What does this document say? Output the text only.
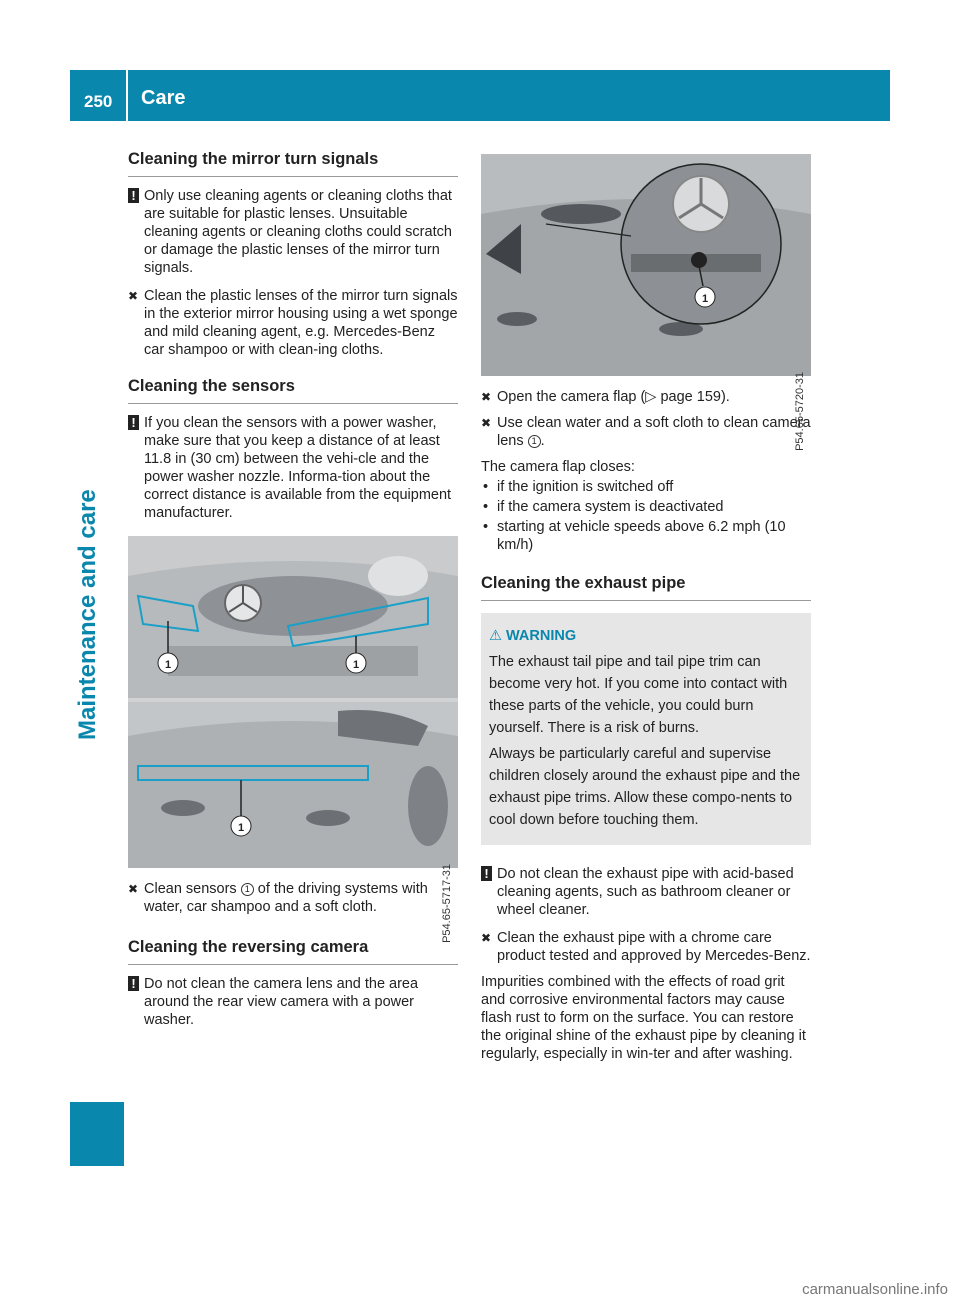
250 Care
Maintenance and care
Cleaning the mirror turn signals
! Only use cleaning agents or cleaning cloths that are suitable for plastic lenses. Unsuitable cleaning agents or cleaning cloths could scratch or damage the plastic lenses of the mirror turn signals.
✖ Clean the plastic lenses of the mirror turn signals in the exterior mirror housing using a wet sponge and mild cleaning agent, e.g. Mercedes-Benz car shampoo or with clean-ing cloths.
Cleaning the sensors
! If you clean the sensors with a power washer, make sure that you keep a distance of at least 11.8 in (30 cm) between the vehi-cle and the power washer nozzle. Informa-tion about the correct distance is available from the equipment manufacturer.
1	1
1
P54.65-5717-31
✖ Clean sensors 1 of the driving systems with water, car shampoo and a soft cloth.
Cleaning the reversing camera
! Do not clean the camera lens and the area around the rear view camera with a power washer.
1
P54.65-5720-31
✖ Open the camera flap (▷ page 159).
✖ Use clean water and a soft cloth to clean camera lens 1 .

The camera flap closes:

• if the ignition is switched off
• if the camera system is deactivated
• starting at vehicle speeds above 6.2 mph (10 km/h)
Cleaning the exhaust pipe
⚠ WARNING

The exhaust tail pipe and tail pipe trim can become very hot. If you come into contact with these parts of the vehicle, you could burn yourself. There is a risk of burns.

Always be particularly careful and supervise children closely around the exhaust pipe and the exhaust pipe trims. Allow these compo-nents to cool down before touching them.

! Do not clean the exhaust pipe with acid-based cleaning agents, such as bathroom cleaner or wheel cleaner.
✖ Clean the exhaust pipe with a chrome care product tested and approved by Mercedes-Benz.

Impurities combined with the effects of road grit and corrosive environmental factors may cause flash rust to form on the surface. You can restore the original shine of the exhaust pipe by cleaning it regularly, especially in win-ter and after washing.

carmanualsonline.info
